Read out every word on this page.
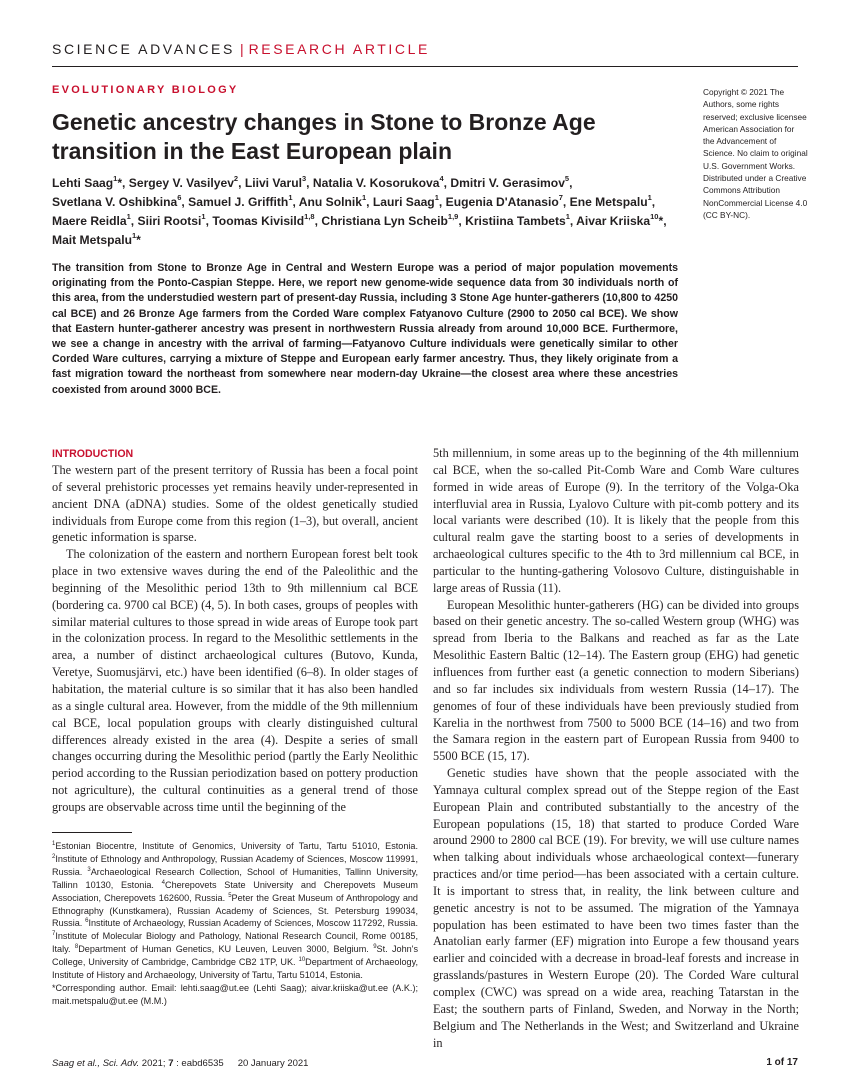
SCIENCE ADVANCES | RESEARCH ARTICLE
EVOLUTIONARY BIOLOGY
Genetic ancestry changes in Stone to Bronze Age
transition in the East European plain
Lehti Saag$^1$*, Sergey V. Vasilyev$^2$, Liivi Varul$^3$, Natalia V. Kosorukova$^4$, Dmitri V. Gerasimov$^5$, Svetlana V. Oshibkina$^6$, Samuel J. Griffith$^1$, Anu Solnik$^1$, Lauri Saag$^1$, Eugenia D'Atanasio$^7$, Ene Metspalu$^1$, Maere Reidla$^1$, Siiri Rootsi$^1$, Toomas Kivisild$^{1,8}$, Christiana Lyn Scheib$^{1,9}$, Kristiina Tambets$^1$, Aivar Kriiska$^{10}$*, Mait Metspalu$^1$*
Copyright © 2021 The Authors, some rights reserved; exclusive licensee American Association for the Advancement of Science. No claim to original U.S. Government Works. Distributed under a Creative Commons Attribution NonCommercial License 4.0 (CC BY-NC).
The transition from Stone to Bronze Age in Central and Western Europe was a period of major population movements originating from the Ponto-Caspian Steppe. Here, we report new genome-wide sequence data from 30 individuals north of this area, from the understudied western part of present-day Russia, including 3 Stone Age hunter-gatherers (10,800 to 4250 cal BCE) and 26 Bronze Age farmers from the Corded Ware complex Fatyanovo Culture (2900 to 2050 cal BCE). We show that Eastern hunter-gatherer ancestry was present in northwestern Russia already from around 10,000 BCE. Furthermore, we see a change in ancestry with the arrival of farming—Fatyanovo Culture individuals were genetically similar to other Corded Ware cultures, carrying a mixture of Steppe and European early farmer ancestry. Thus, they likely originate from a fast migration toward the northeast from somewhere near modern-day Ukraine—the closest area where these ancestries coexisted from around 3000 BCE.
INTRODUCTION

The western part of the present territory of Russia has been a focal point of several prehistoric processes yet remains heavily under-represented in ancient DNA (aDNA) studies. Some of the oldest genetically studied individuals from Europe come from this region (1–3), but overall, ancient genetic information is sparse.

The colonization of the eastern and northern European forest belt took place in two extensive waves during the end of the Paleolithic and the beginning of the Mesolithic period 13th to 9th millennium cal BCE (bordering ca. 9700 cal BCE) (4, 5). In both cases, groups of peoples with similar material cultures to those spread in wide areas of Europe took part in the colonization process. In regard to the Mesolithic settlements in the area, a number of distinct archaeological cultures (Butovo, Kunda, Veretye, Suomusjärvi, etc.) have been identified (6–8). In older stages of habitation, the material culture is so similar that it has also been handled as a single cultural area. However, from the middle of the 9th millennium cal BCE, local population groups with clearly distinguished cultural differences already existed in the area (4). Despite a series of small changes occurring during the Mesolithic period (partly the Early Neolithic period according to the Russian periodization based on pottery production not agriculture), the cultural continuities as a general trend of those groups are observable across time until the beginning of the

5th millennium, in some areas up to the beginning of the 4th millennium cal BCE, when the so-called Pit-Comb Ware and Comb Ware cultures formed in wide areas of Europe (9). In the territory of the Volga-Oka interfluvial area in Russia, Lyalovo Culture with pit-comb pottery and its local variants were described (10). It is likely that the people from this cultural realm gave the starting boost to a series of developments in archaeological cultures specific to the 4th to 3rd millennium cal BCE, in particular to the hunting-gathering Volosovo Culture, distinguishable in large areas of Russia (11).

European Mesolithic hunter-gatherers (HG) can be divided into groups based on their genetic ancestry. The so-called Western group (WHG) was spread from Iberia to the Balkans and reached as far as the Late Mesolithic Eastern Baltic (12–14). The Eastern group (EHG) had genetic influences from further east (a genetic connection to modern Siberians) and so far includes six individuals from western Russia (14–17). The genomes of four of these individuals have been previously studied from Karelia in the northwest from 7500 to 5000 BCE (14–16) and two from the Samara region in the eastern part of European Russia from 9400 to 5500 BCE (15, 17).

Genetic studies have shown that the people associated with the Yamnaya cultural complex spread out of the Steppe region of the East European Plain and contributed substantially to the ancestry of the European populations (15, 18) that started to produce Corded Ware around 2900 to 2800 cal BCE (19). For brevity, we will use culture names when talking about individuals whose archaeological context—funerary practices and/or time period—has been associated with a certain culture. It is important to stress that, in reality, the link between culture and genetic ancestry is not to be assumed. The migration of the Yamnaya population has been estimated to have been two times faster than the Anatolian early farmer (EF) migration into Europe a few thousand years earlier and coincided with a decrease in broad-leaf forests and increase in grasslands/pastures in Western Europe (20). The Corded Ware cultural complex (CWC) was spread on a wide area, reaching Tatarstan in the East; the southern parts of Finland, Sweden, and Norway in the North; Belgium and The Netherlands in the West; and Switzerland and Ukraine in

$^1$Estonian Biocentre, Institute of Genomics, University of Tartu, Tartu 51010, Estonia. $^2$Institute of Ethnology and Anthropology, Russian Academy of Sciences, Moscow 119991, Russia. $^3$Archaeological Research Collection, School of Humanities, Tallinn University, Tallinn 10130, Estonia. $^4$Cherepovets State University and Cherepovets Museum Association, Cherepovets 162600, Russia. $^5$Peter the Great Museum of Anthropology and Ethnography (Kunstkamera), Russian Academy of Sciences, St. Petersburg 199034, Russia. $^6$Institute of Archaeology, Russian Academy of Sciences, Moscow 117292, Russia. $^7$Institute of Molecular Biology and Pathology, National Research Council, Rome 00185, Italy. $^8$Department of Human Genetics, KU Leuven, Leuven 3000, Belgium. $^9$St. John's College, University of Cambridge, Cambridge CB2 1TP, UK. $^{10}$Department of Archaeology, Institute of History and Archaeology, University of Tartu, Tartu 51014, Estonia.
*Corresponding author. Email: lehti.saag@ut.ee (Lehti Saag); aivar.kriiska@ut.ee (A.K.); mait.metspalu@ut.ee (M.M.)
Saag et al., Sci. Adv. 2021; 7 : eabd6535 20 January 2021	1 of 17
